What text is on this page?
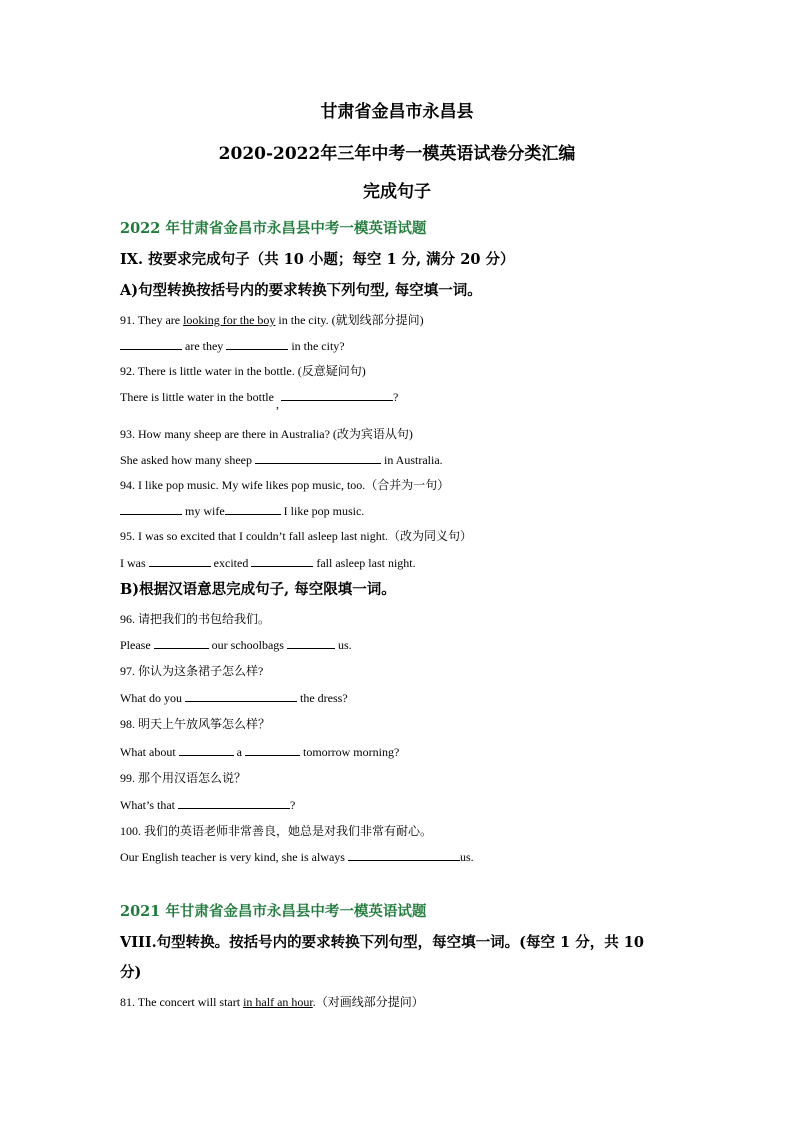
甘肃省金昌市永昌县
2020-2022年三年中考一模英语试卷分类汇编
完成句子
2022 年甘肃省金昌市永昌县中考一模英语试题
IX. 按要求完成句子（共 10 小题；每空 1 分, 满分 20 分）
A)句型转换按括号内的要求转换下列句型, 每空填一词。
91. They are looking for the boy in the city. (就划线部分提问)
are they	in the city?
92. There is little water in the bottle. (反意疑问句)
There is little water in the bottle ,	?
93. How many sheep are there in Australia? (改为宾语从句)
She asked how many sheep	in Australia.
94. I like pop music. My wife likes pop music, too.（合并为一句）
my wife	I like pop music.
95. I was so excited that I couldn’t fall asleep last night.（改为同义句）
I was	excited	fall asleep last night.
B)根据汉语意思完成句子, 每空限填一词。
96. 请把我们的书包给我们。
Please	our schoolbags	us.
97. 你认为这条裙子怎么样?
What do you	the dress?
98. 明天上午放风筝怎么样？
What about	a	tomorrow morning?
99. 那个用汉语怎么说？
What’s that	?
100. 我们的英语老师非常善良，她总是对我们非常有耐心。
Our English teacher is very kind, she is always	us.
2021 年甘肃省金昌市永昌县中考一模英语试题
VIII.句型转换。按括号内的要求转换下列句型，每空填一词。(每空 1 分，共 10
分)
81. The concert will start in half an hour.（对画线部分提问）
